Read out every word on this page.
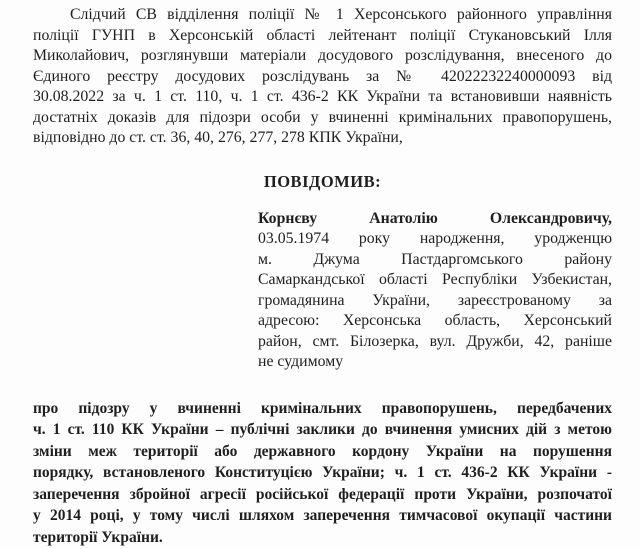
Слідчий СВ відділення поліції № 1 Херсонського районного управління
поліції ГУНП в Херсонській області лейтенант поліції Стукановський Ілля
Миколайович, розглянувши матеріали досудового розслідування, внесеного до
Єдиного реєстру досудових розслідувань за № 42022232240000093 від
30.08.2022 за ч. 1 ст. 110, ч. 1 ст. 436-2 КК України та встановивши наявність
достатніх доказів для підозри особи у вчиненні кримінальних правопорушень,
відповідно до ст. ст. 36, 40, 276, 277, 278 КПК України,
ПОВІДОМИВ:
Корнєву Анатолію Олександровичу,
03.05.1974 року народження, уродженцю
м. Джума Пастдаргомського району
Самаркандської області Республіки Узбекистан,
громадянина України, зареєстрованому за
адресою: Херсонська область, Херсонський
район, смт. Білозерка, вул. Дружби, 42, раніше
не судимому
про підозру у вчиненні кримінальних правопорушень, передбачених
ч. 1 ст. 110 КК України – публічні заклики до вчинення умисних дій з метою
зміни меж території або державного кордону України на порушення
порядку, встановленого Конституцією України; ч. 1 ст. 436-2 КК України -
заперечення збройної агресії російської федерації проти України, розпочатої
у 2014 році, у тому числі шляхом заперечення тимчасової окупації частини
території України.
